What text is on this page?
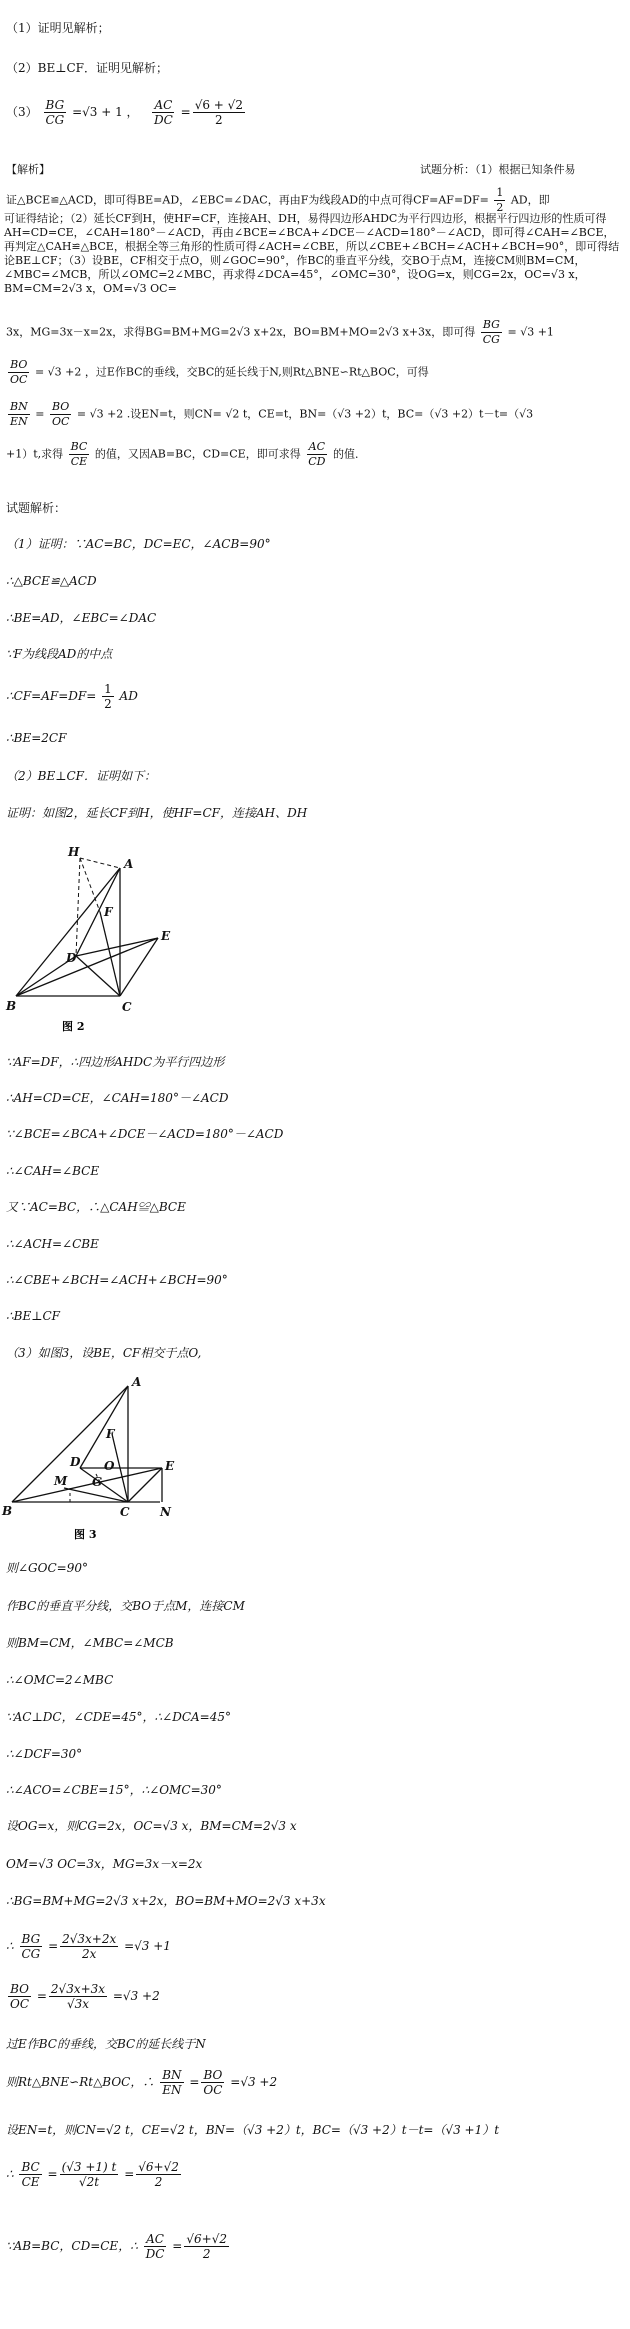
（1）证明见解析；
（2）BE⊥CF．证明见解析；
$(3) \frac{BG}{CG} =√3 + 1$ ， $\frac{AC}{DC} = \frac{√6 + √2}{2}$
【解析】	试题分析：（1）根据已知条件易
证△BCE≌△ACD，即可得BE=AD，∠EBC=∠DAC，再由F为线段AD的中点可得$CF=AF=DF= \frac{1}{2}$ AD，即
可证得结论；（2）延长CF到H，使HF=CF，连接AH、DH，易得四边形AHDC为平行四边形，根据平行四边形的性质可得AH=CD=CE，∠CAH=180°－∠ACD，再由∠BCE=∠BCA+∠DCE－∠ACD=180°－∠ACD，即可得∠CAH=∠BCE，再判定△CAH≌△BCE，根据全等三角形的性质可得∠ACH=∠CBE，所以∠CBE+∠BCH=∠ACH+∠BCH=90°，即可得结论BE⊥CF；（3）设BE，CF相交于点O，则∠GOC=90°，作BC的垂直平分线，交BO于点M，连接CM则BM=CM，∠MBC=∠MCB，所以∠OMC=2∠MBC，再求得∠DCA=45°，∠OMC=30°，设OG=x，则CG=2x，OC=√3 x，BM=CM=2√3 x，OM=√3 OC=
3x，MG=3x－x=2x，求得BG=BM+MG=2√3 x+2x，BO=BM+MO=2√3 x+3x，即可得 $\frac{BG}{CG} = √3 +1$
$\frac{BO}{OC} = √3 +2$ ，过E作BC的垂线，交BC的延长线于N,则Rt△BNE∽Rt△BOC，可得
$\frac{BN}{EN} = \frac{BO}{OC} = √3 +2$ .设EN=t，则CN= √2 t，CE=t，BN=（√3 +2）t，BC=（√3 +2）t－t=（√3
+1）t,求得 $\frac{BC}{CE}$ 的值，又因AB=BC，CD=CE，即可求得 $\frac{AC}{CD}$ 的值．
试题解析：
（1）证明：∵AC=BC，DC=EC，∠ACB=90°
∴△BCE≌△ACD
∴BE=AD，∠EBC=∠DAC
∵F为线段AD的中点
∴CF=AF=DF= $\frac{1}{2}$ AD
∴BE=2CF
（2）BE⊥CF．证明如下：
证明：如图2，延长CF到H，使HF=CF，连接AH、DH
H
A
F
D
E
B	C
图 2
∵AF=DF，∴四边形AHDC为平行四边形
∴AH=CD=CE，∠CAH=180°－∠ACD
∵∠BCE=∠BCA+∠DCE－∠ACD=180°－∠ACD
∴∠CAH=∠BCE
又∵AC=BC，∴△CAH≌△BCE
∴∠ACH=∠CBE
∴∠CBE+∠BCH=∠ACH+∠BCH=90°
∴BE⊥CF
（3）如图3，设BE，CF相交于点O,
A
F
D O	E
M G
B	C	N
图 3
则∠GOC=90°
作BC的垂直平分线，交BO于点M，连接CM
则BM=CM，∠MBC=∠MCB
∴∠OMC=2∠MBC
∵AC⊥DC，∠CDE=45°，∴∠DCA=45°
∴∠DCF=30°
∴∠ACO=∠CBE=15°，∴∠OMC=30°
设OG=x，则CG=2x，OC=√3 x，BM=CM=2√3 x
OM=√3 OC=3x，MG=3x－x=2x
∴BG=BM+MG=2√3 x+2x，BO=BM+MO=2√3 x+3x
∴ $\frac{BG}{CG} = \frac{2√3x+2x}{2x} =√3 +1$
$\frac{BO}{OC} = \frac{2√3x+3x}{√3x} =√3 +2$
过E作BC的垂线，交BC的延长线于N
则Rt△BNE∽Rt△BOC，∴ $\frac{BN}{EN} = \frac{BO}{OC} =√3 +2$
设EN=t，则CN=√2 t，CE=√2 t，BN=（√3 +2）t，BC=（√3 +2）t－t=（√3 +1）t
∴ $\frac{BC}{CE} = \frac{(√3 +1) t}{√2t} = \frac{√6+√2}{2}$
∵AB=BC，CD=CE，∴ $\frac{AC}{DC} = \frac{√6+√2}{2}$
